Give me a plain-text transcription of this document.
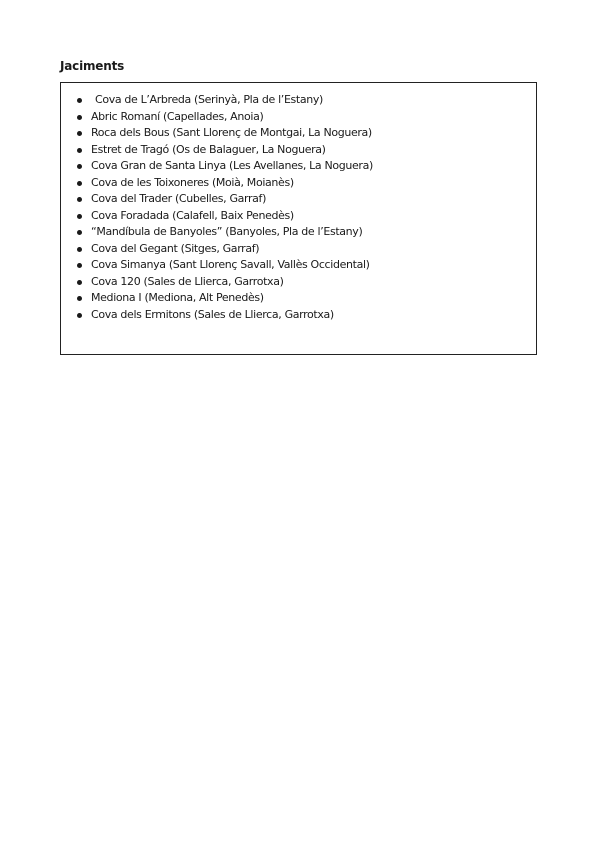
Jaciments
Cova de L’Arbreda (Serinyà, Pla de l’Estany)
Abric Romaní (Capellades, Anoia)
Roca dels Bous (Sant Llorenç de Montgai, La Noguera)
Estret de Tragó (Os de Balaguer, La Noguera)
Cova Gran de Santa Linya (Les Avellanes, La Noguera)
Cova de les Toixoneres (Moià, Moianès)
Cova del Trader (Cubelles, Garraf)
Cova Foradada (Calafell, Baix Penedès)
“Mandíbula de Banyoles” (Banyoles, Pla de l’Estany)
Cova del Gegant (Sitges, Garraf)
Cova Simanya (Sant Llorenç Savall, Vallès Occidental)
Cova 120 (Sales de Llierca, Garrotxa)
Mediona I (Mediona, Alt Penedès)
Cova dels Ermitons (Sales de Llierca, Garrotxa)
